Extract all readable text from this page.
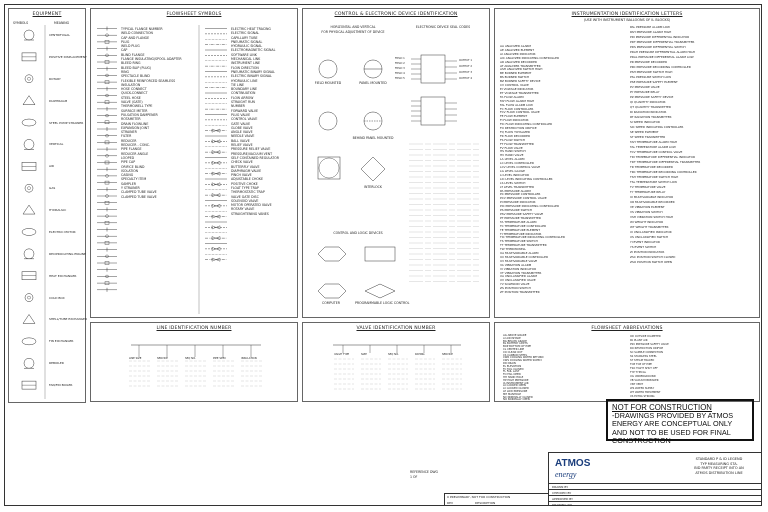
EQUIPMENT
SYMBOLS	MEANING
CENTRIFUGAL
POSITIVE DISPLACEMENT
ROTARY
DIAPHRAGM
STEEL PUMP STRAINER
VERTICAL
AIR
GAS
HYDRAULIC
ELECTRIC MOTOR
RECIPROCATING ENGINE
HEAT EXCHANGER
COLD BOX
SHELL/TUBE EXCHANGER
FIN EXCHANGER
REBOILER
FAN/FIN BOILER
FLOWSHEET SYMBOLS
TYPICAL FLANGE NUMBER
WELD CONNECTION
CAP AND FLANGE
PLUG
WELD PLUG
CAP
BLIND FLANGE
FLANGE INSULATING/SPOOL ADAPTER
BLEED RING
BLEED BLIP (PLUG)
RING
SPECTACLE BLIND
FLEXIBLE REINFORCED SEAMLESS
INSULATION
HOSE CONNECT
QUICK-CONNECT
STEEL HOSE
VALVE (GATE)
THERMOWELL TYPE
SURFACE METER
PULSATION DAMPENER
ROTAMETER
DRAIN FLOWLINE
EXPANSION JOINT
STRAINER
FILTER
REDUCER
REDUCER - CONC.
PIPE FLANGE
REDUCER ANGLE
LOOPED
PIPE CAP
ORIFICE BLIND
ISOLATION
CASING
SPECIALTY ITEM
SAMPLER
Y STRAINER
CLAMPED TUBE VALVE
CLAMPED TUBE VALVE
ELECTRIC HEAT TRACING
ELECTRIC SIGNAL
CAPILLARY TUBE
PNEUMATIC SIGNAL
HYDRAULIC SIGNAL
ELECTROMAGNETIC SIGNAL
SOFTWARE LINK
MECHANICAL LINK
INSTRUMENT LINE
FLOW DIRECTION
PNEUMATIC BINARY SIGNAL
ELECTRIC BINARY SIGNAL
HYDRAULIC LINE
TIE LINE
BOUNDARY LINE
CONTINUATION
FLOW ARROW
STRAIGHT RUN
NUMBER
FORWARD VALVE
PLUG VALVE
CONTROL VALVE
GATE VALVE
GLOBE VALVE
ANGLE VALVE
NEEDLE VALVE
BALL VALVE
RELIEF VALVE
PRESSURE RELIEF VALVE
PRESSURE/VACUUM VENT
SELF CONTAINED REGULATOR
CHECK VALVE
BUTTERFLY VALVE
DIAPHRAGM VALVE
PINCH VALVE
ADJUSTABLE CHOKE
POSITIVE CHOKE
FLOAT TYPE TRAP
THERMOSTATIC TRAP
VALVE GATE DISC
SOLENOID VALVE
MOTOR OPERATED VALVE
ROTARY VALVE
STRAIGHTENING VANES
CONTROL & ELECTRONIC DEVICE IDENTIFICATION
HORIZONTAL AND VERTICAL
FOR PHYSICAL ADJUSTMENT OF DEVICE
ELECTRONIC DEVICE SEAL CODES
FIELD MOUNTED	PANEL MOUNTED
BEHIND PANEL MOUNTED
INTERLOCK
CONTROL AND LOGIC DEVICES
COMPUTER	PROGRAMMABLE LOGIC CONTROL
FIELD 1
FIELD 2
FIELD 3
FIELD 4
FIELD 5
OUTPUT 1
OUTPUT 2
OUTPUT 3
OUTPUT 4
INSTRUMENTATION IDENTIFICATION LETTERS
(USE WITH INSTRUMENT BALLOONS OF IL BLOCKS)
AA ANALYZER ALARM
AE ANALYZER ELEMENT
AI ANALYZER INDICATOR
AIC ANALYZER INDICATING CONTROLLER
AR ANALYZER RECORDER
AT ANALYZER TRANSMITTER
ASH ANALYZER SWITCH HIGH
BE BURNER ELEMENT
BS BURNER SWITCH
BZ BURNER SAFETY DEVICE
CV CONTROL VALVE
EI VOLTAGE INDICATOR
ET VOLTAGE TRANSMITTER
FA FLOW ALARM
FAH FLOW ALARM HIGH
FAL FLOW ALARM LOW
FC FLOW CONTROLLER
FCV FLOW CONTROL VALVE
FE FLOW ELEMENT
FI FLOW INDICATOR
FIC FLOW INDICATING CONTROLLER
FO RESTRICTION ORIFICE
FQ FLOW TOTALIZER
FR FLOW RECORDER
FS FLOW SWITCH
FT FLOW TRANSMITTER
FV FLOW VALVE
HS HAND SWITCH
HV HAND VALVE
LA LEVEL ALARM
LC LEVEL CONTROLLER
LCV LEVEL CONTROL VALVE
LG LEVEL GAUGE
LI LEVEL INDICATOR
LIC LEVEL INDICATING CONTROLLER
LS LEVEL SWITCH
LT LEVEL TRANSMITTER
PA PRESSURE ALARM
PC PRESSURE CONTROLLER
PCV PRESSURE CONTROL VALVE
PI PRESSURE INDICATOR
PIC PRESSURE INDICATING CONTROLLER
PS PRESSURE SWITCH
PSV PRESSURE SAFETY VALVE
PT PRESSURE TRANSMITTER
TA TEMPERATURE ALARM
TC TEMPERATURE CONTROLLER
TE TEMPERATURE ELEMENT
TI TEMPERATURE INDICATOR
TIC TEMPERATURE INDICATING CONTROLLER
TS TEMPERATURE SWITCH
TT TEMPERATURE TRANSMITTER
TW THERMOWELL
UA MULTIVARIABLE ALARM
UC MULTIVARIABLE CONTROLLER
UV MULTIVARIABLE VALVE
VA VIBRATION ALARM
VI VIBRATION INDICATOR
VT VIBRATION TRANSMITTER
XA UNCLASSIFIED ALARM
XV UNCLASSIFIED VALVE
YV SOLENOID VALVE
ZS POSITION SWITCH
ZT POSITION TRANSMITTER
PAL PRESSURE ALARM LOW
PAH PRESSURE ALARM HIGH
PDI PRESSURE DIFFERENTIAL INDICATOR
PDT PRESSURE DIFFERENTIAL TRANSMITTER
PDS PRESSURE DIFFERENTIAL SWITCH
PDAH PRESSURE DIFFERENTIAL ALARM HIGH
PDAL PRESSURE DIFFERENTIAL ALARM LOW
PR PRESSURE RECORDER
PRC PRESSURE RECORDING CONTROLLER
PSH PRESSURE SWITCH HIGH
PSL PRESSURE SWITCH LOW
PSE PRESSURE SAFETY ELEMENT
PV PRESSURE VALVE
PY PRESSURE RELAY
PZ PRESSURE SAFETY DEVICE
QI QUANTITY INDICATOR
QT QUANTITY TRANSMITTER
RI RADIATION INDICATOR
RT RADIATION TRANSMITTER
SI SPEED INDICATOR
SIC SPEED INDICATING CONTROLLER
SE SPEED ELEMENT
ST SPEED TRANSMITTER
TAH TEMPERATURE ALARM HIGH
TAL TEMPERATURE ALARM LOW
TCV TEMPERATURE CONTROL VALVE
TDI TEMPERATURE DIFFERENTIAL INDICATOR
TDT TEMPERATURE DIFFERENTIAL TRANSMITTER
TR TEMPERATURE RECORDER
TRC TEMPERATURE RECORDING CONTROLLER
TSH TEMPERATURE SWITCH HIGH
TSL TEMPERATURE SWITCH LOW
TV TEMPERATURE VALVE
TY TEMPERATURE RELAY
UI MULTIVARIABLE INDICATOR
UR MULTIVARIABLE RECORDER
VE VIBRATION ELEMENT
VS VIBRATION SWITCH
VSH VIBRATION SWITCH HIGH
WI WEIGHT INDICATOR
WT WEIGHT TRANSMITTER
XI UNCLASSIFIED INDICATOR
XS UNCLASSIFIED SWITCH
YI EVENT INDICATOR
YS EVENT SWITCH
ZI POSITION INDICATOR
ZSC POSITION SWITCH CLOSED
ZSO POSITION SWITCH OPEN
LINE IDENTIFICATION NUMBER
LINE SIZE	SERVICE	SEQ NO.	PIPE SPEC	INSULATION
VALVE IDENTIFICATION NUMBER
VALVE TYPE	SIZE	SEQ NO.	RATING	SERVICE
FLOWSHEET ABBREVIATIONS
AG ABOVE GRADE
AI AIR INTAKE
BG BELOW GRADE
BL BATTERY LIMITS
BOP BOTTOM OF PIPE
CL CENTER LINE
CO CLEAN OUT
CS CARBON STEEL
CWR COOLING WATER RETURN
CWS COOLING WATER SUPPLY
DR DRAIN
EL ELEVATION
FC FAIL CLOSED
FL FAIL LAST
FO FAIL OPEN
HH HAND HOLE
HP HIGH PRESSURE
IA INSTRUMENT AIR
LO LOCKED OPEN
LC LOCKED CLOSED
LP LOW PRESSURE
MH MANHOLE
NC NORMALLY CLOSED
NO NORMALLY OPEN
OD OUTSIDE DIAMETER
PA PLANT AIR
PSV PRESSURE SAFETY VALVE
RO RESTRICTION ORIFICE
SC SAMPLE CONNECTION
SS STAINLESS STEEL
ST STEAM TRACED
TOP TOP OF PIPE
TSO TIGHT SHUT OFF
TYP TYPICAL
UG UNDERGROUND
VB VACUUM BREAKER
VNT VENT
WS WATER SUPPLY
WT WATER TREATMENT
XS EXTRA STRONG
REFERENCE DWG
1 OF
NOT FOR CONSTRUCTION
-DRAWINGS PROVIDED BY ATMOS
ENERGY ARE CONCEPTUAL ONLY
AND NOT TO BE USED FOR FINAL
CONSTRUCTION
ATMOS
energy
STANDARD P & ID LEGEND
TYP MEASURING STA.
BID PARTY RECEIPT INTO AN
ATMOS DISTRIBUTION LINE
DRAWN BY
CHECKED BY
APPROVED BY
DRAWING NO.
0 PRELIMINARY, NOT FOR CONSTRUCTION
REV	DESCRIPTION
